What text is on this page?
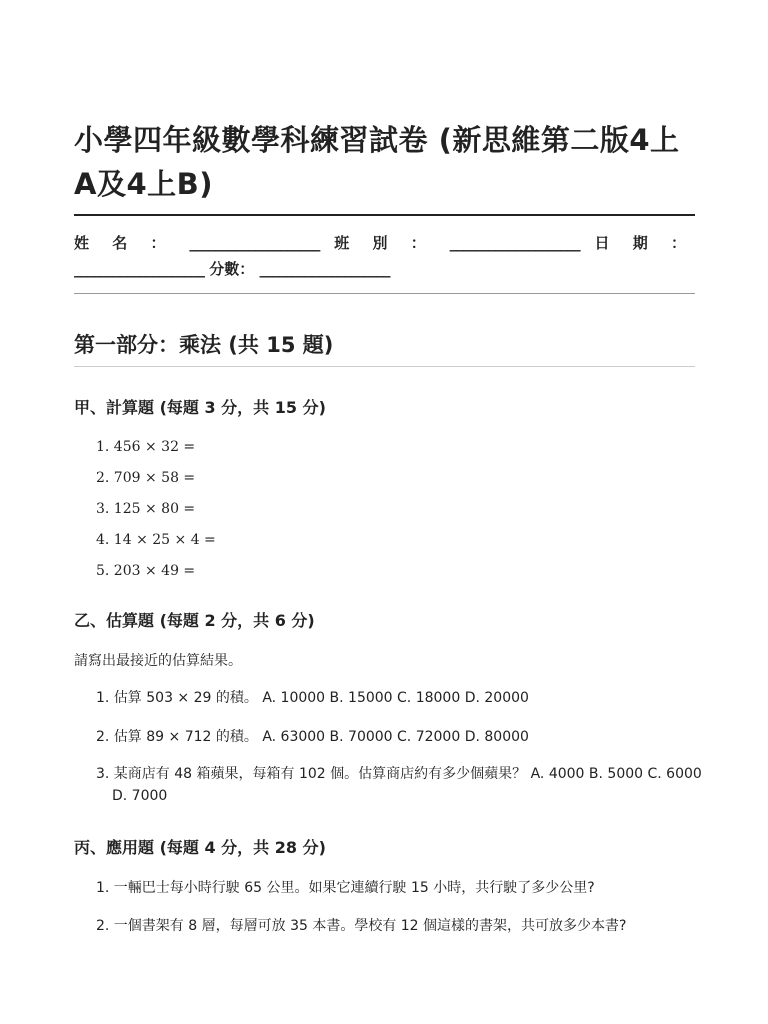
小學四年級數學科練習試卷 (新思維第二版4上A及4上B)
姓 名 ： ____________________ 班 別 ： ____________________ 日 期 ：
____________________ 分數： ____________________
第一部分：乘法 (共 15 題)
甲、計算題 (每題 3 分，共 15 分)
1. 456 × 32 =
2. 709 × 58 =
3. 125 × 80 =
4. 14 × 25 × 4 =
5. 203 × 49 =
乙、估算題 (每題 2 分，共 6 分)
請寫出最接近的估算結果。
1. 估算 503 × 29 的積。 A. 10000 B. 15000 C. 18000 D. 20000
2. 估算 89 × 712 的積。 A. 63000 B. 70000 C. 72000 D. 80000
3. 某商店有 48 箱蘋果，每箱有 102 個。估算商店約有多少個蘋果？ A. 4000 B. 5000 C. 6000 D. 7000
丙、應用題 (每題 4 分，共 28 分)
1. 一輛巴士每小時行駛 65 公里。如果它連續行駛 15 小時，共行駛了多少公里?
2. 一個書架有 8 層，每層可放 35 本書。學校有 12 個這樣的書架，共可放多少本書?
